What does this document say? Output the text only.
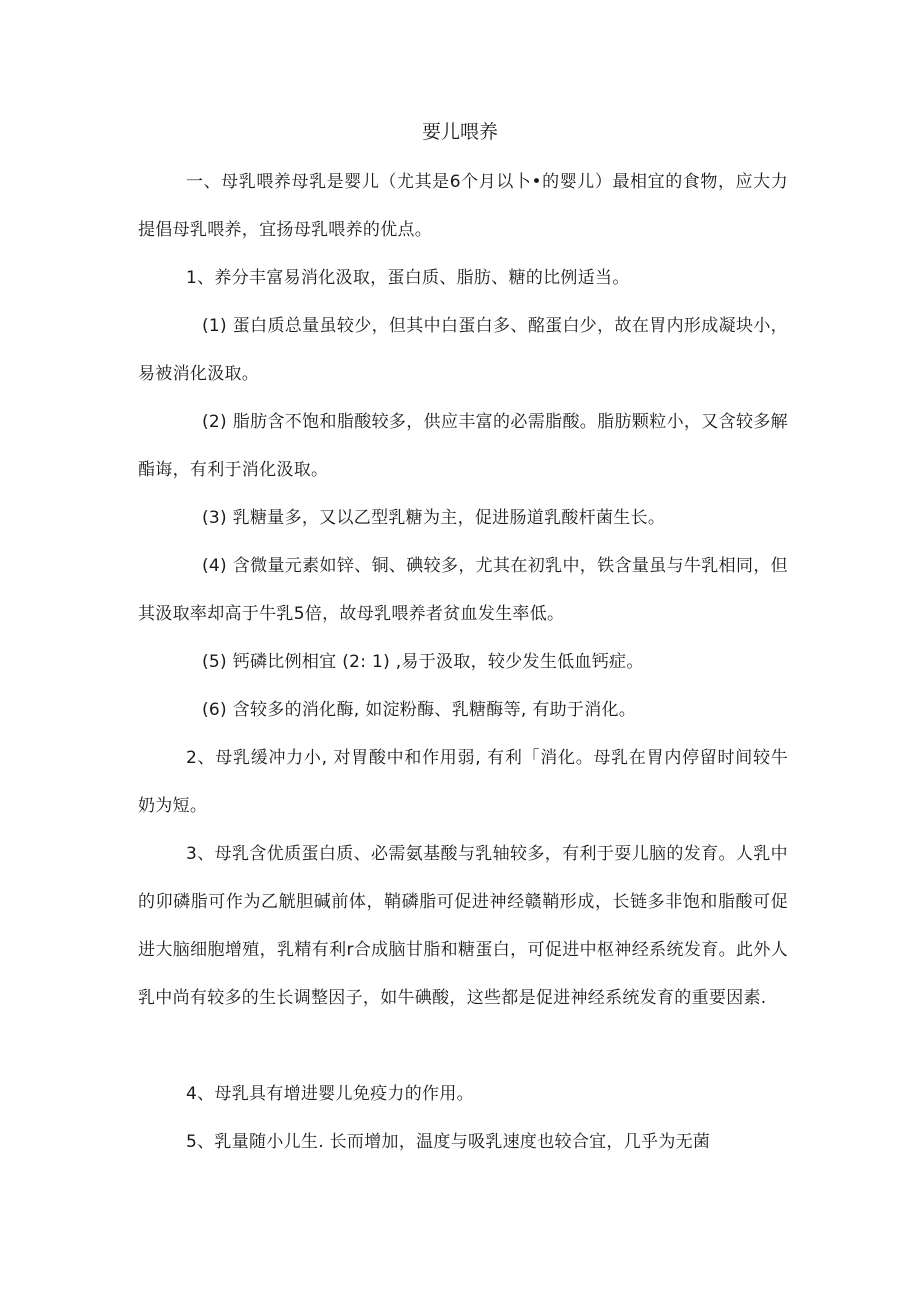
要儿喂养

一、母乳喂养母乳是婴儿（尤其是6个月以卜•的婴儿）最相宜的食物，应大力提倡母乳喂养，宜扬母乳喂养的优点。

1、养分丰富易消化汲取，蛋白质、脂肪、糖的比例适当。

(1) 蛋白质总量虽较少，但其中白蛋白多、酩蛋白少，故在胃内形成凝块小，易被消化汲取。

(2) 脂肪含不饱和脂酸较多，供应丰富的必需脂酸。脂肪颗粒小，又含较多解酯诲，有利于消化汲取。

(3) 乳糖量多，又以乙型乳糖为主，促进肠道乳酸杆菌生长。

(4) 含微量元素如锌、铜、碘较多，尤其在初乳中，铁含量虽与牛乳相同，但其汲取率却高于牛乳5倍，故母乳喂养者贫血发生率低。

(5) 钙磷比例相宜 (2: 1) ,易于汲取，较少发生低血钙症。

(6) 含较多的消化酶, 如淀粉酶、乳糖酶等, 有助于消化。

2、母乳缓冲力小, 对胃酸中和作用弱, 有利「消化。母乳在胃内停留时间较牛奶为短。

3、母乳含优质蛋白质、必需氨基酸与乳轴较多，有利于耍儿脑的发育。人乳中的卯磷脂可作为乙觥胆碱前体，鞘磷脂可促进神经赣鞘形成，长链多非饱和脂酸可促进大脑细胞增殖，乳精有利r合成脑甘脂和糖蛋白，可促进中枢神经系统发育。此外人乳中尚有较多的生长调整因子，如牛碘酸，这些都是促进神经系统发育的重要因素.

4、母乳具有增进婴儿免疫力的作用。

5、乳量随小儿生. 长而增加，温度与吸乳速度也较合宜，几乎为无菌
